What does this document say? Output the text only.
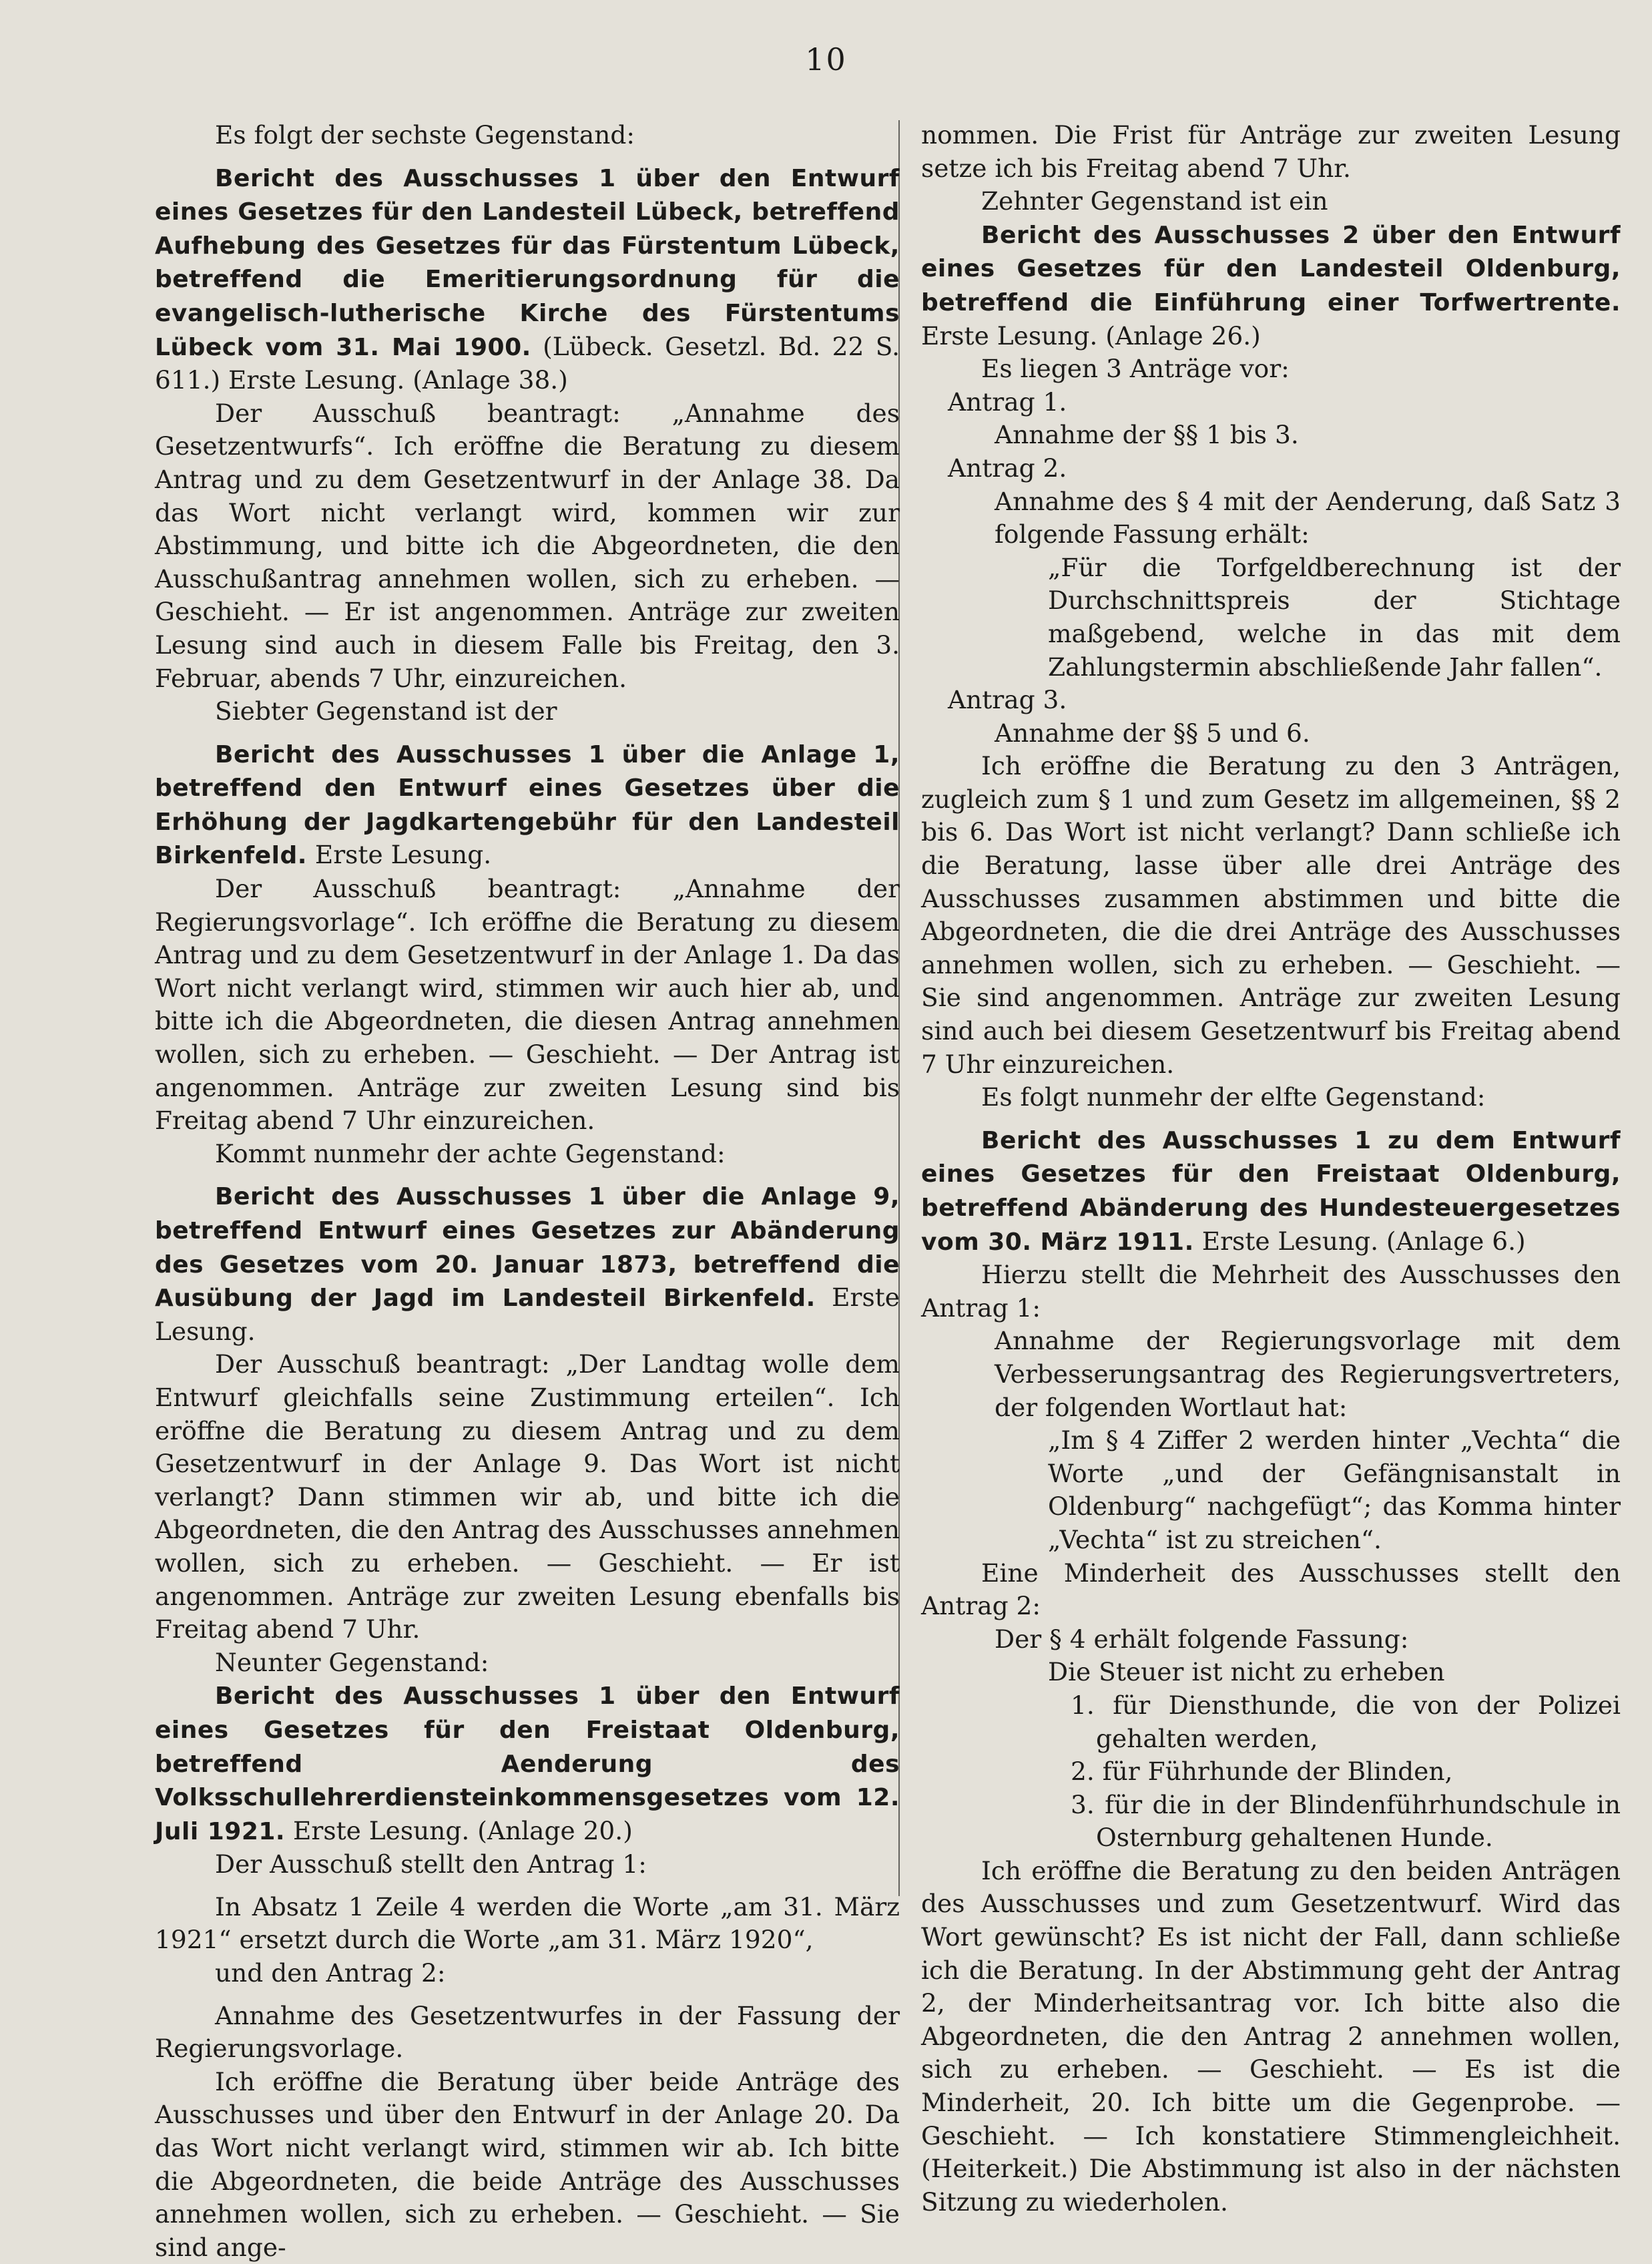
10

Es folgt der sechste Gegenstand:

Bericht des Ausschusses 1 über den Entwurf eines Gesetzes für den Landesteil Lübeck, betreffend Aufhebung des Gesetzes für das Fürstentum Lübeck, betreffend die Emeritierungsordnung für die evangelisch-lutherische Kirche des Fürstentums Lübeck vom 31. Mai 1900. (Lübeck. Gesetzl. Bd. 22 S. 611.) Erste Lesung. (Anlage 38.)

Der Ausschuß beantragt: „Annahme des Gesetzentwurfs“. Ich eröffne die Beratung zu diesem Antrag und zu dem Gesetzentwurf in der Anlage 38. Da das Wort nicht verlangt wird, kommen wir zur Abstimmung, und bitte ich die Abgeordneten, die den Ausschußantrag annehmen wollen, sich zu erheben. — Geschieht. — Er ist angenommen. Anträge zur zweiten Lesung sind auch in diesem Falle bis Freitag, den 3. Februar, abends 7 Uhr, einzureichen.

Siebter Gegenstand ist der

Bericht des Ausschusses 1 über die Anlage 1, betreffend den Entwurf eines Gesetzes über die Erhöhung der Jagdkartengebühr für den Landesteil Birkenfeld. Erste Lesung.

Der Ausschuß beantragt: „Annahme der Regierungsvorlage“. Ich eröffne die Beratung zu diesem Antrag und zu dem Gesetzentwurf in der Anlage 1. Da das Wort nicht verlangt wird, stimmen wir auch hier ab, und bitte ich die Abgeordneten, die diesen Antrag annehmen wollen, sich zu erheben. — Geschieht. — Der Antrag ist angenommen. Anträge zur zweiten Lesung sind bis Freitag abend 7 Uhr einzureichen.

Kommt nunmehr der achte Gegenstand:

Bericht des Ausschusses 1 über die Anlage 9, betreffend Entwurf eines Gesetzes zur Abänderung des Gesetzes vom 20. Januar 1873, betreffend die Ausübung der Jagd im Landesteil Birkenfeld. Erste Lesung.

Der Ausschuß beantragt: „Der Landtag wolle dem Entwurf gleichfalls seine Zustimmung erteilen“. Ich eröffne die Beratung zu diesem Antrag und zu dem Gesetzentwurf in der Anlage 9. Das Wort ist nicht verlangt? Dann stimmen wir ab, und bitte ich die Abgeordneten, die den Antrag des Ausschusses annehmen wollen, sich zu erheben. — Geschieht. — Er ist angenommen. Anträge zur zweiten Lesung ebenfalls bis Freitag abend 7 Uhr.

Neunter Gegenstand:

Bericht des Ausschusses 1 über den Entwurf eines Gesetzes für den Freistaat Oldenburg, betreffend Aenderung des Volksschullehrerdiensteinkommensgesetzes vom 12. Juli 1921. Erste Lesung. (Anlage 20.)

Der Ausschuß stellt den Antrag 1:

In Absatz 1 Zeile 4 werden die Worte „am 31. März 1921“ ersetzt durch die Worte „am 31. März 1920“,

und den Antrag 2:

Annahme des Gesetzentwurfes in der Fassung der Regierungsvorlage.

Ich eröffne die Beratung über beide Anträge des Ausschusses und über den Entwurf in der Anlage 20. Da das Wort nicht verlangt wird, stimmen wir ab. Ich bitte die Abgeordneten, die beide Anträge des Ausschusses annehmen wollen, sich zu erheben. — Geschieht. — Sie sind ange-

nommen. Die Frist für Anträge zur zweiten Lesung setze ich bis Freitag abend 7 Uhr.

Zehnter Gegenstand ist ein

Bericht des Ausschusses 2 über den Entwurf eines Gesetzes für den Landesteil Oldenburg, betreffend die Einführung einer Torfwertrente. Erste Lesung. (Anlage 26.)

Es liegen 3 Anträge vor:

Antrag 1.

Annahme der §§ 1 bis 3.

Antrag 2.

Annahme des § 4 mit der Aenderung, daß Satz 3 folgende Fassung erhält:

„Für die Torfgeldberechnung ist der Durchschnittspreis der Stichtage maßgebend, welche in das mit dem Zahlungstermin abschließende Jahr fallen“.

Antrag 3.

Annahme der §§ 5 und 6.

Ich eröffne die Beratung zu den 3 Anträgen, zugleich zum § 1 und zum Gesetz im allgemeinen, §§ 2 bis 6. Das Wort ist nicht verlangt? Dann schließe ich die Beratung, lasse über alle drei Anträge des Ausschusses zusammen abstimmen und bitte die Abgeordneten, die die drei Anträge des Ausschusses annehmen wollen, sich zu erheben. — Geschieht. — Sie sind angenommen. Anträge zur zweiten Lesung sind auch bei diesem Gesetzentwurf bis Freitag abend 7 Uhr einzureichen.

Es folgt nunmehr der elfte Gegenstand:

Bericht des Ausschusses 1 zu dem Entwurf eines Gesetzes für den Freistaat Oldenburg, betreffend Abänderung des Hundesteuergesetzes vom 30. März 1911. Erste Lesung. (Anlage 6.)

Hierzu stellt die Mehrheit des Ausschusses den Antrag 1:

Annahme der Regierungsvorlage mit dem Verbesserungsantrag des Regierungsvertreters, der folgenden Wortlaut hat:

„Im § 4 Ziffer 2 werden hinter „Vechta“ die Worte „und der Gefängnisanstalt in Oldenburg“ nachgefügt“; das Komma hinter „Vechta“ ist zu streichen“.

Eine Minderheit des Ausschusses stellt den Antrag 2:

Der § 4 erhält folgende Fassung:

Die Steuer ist nicht zu erheben

1. für Diensthunde, die von der Polizei gehalten werden,

2. für Führhunde der Blinden,

3. für die in der Blindenführhundschule in Osternburg gehaltenen Hunde.

Ich eröffne die Beratung zu den beiden Anträgen des Ausschusses und zum Gesetzentwurf. Wird das Wort gewünscht? Es ist nicht der Fall, dann schließe ich die Beratung. In der Abstimmung geht der Antrag 2, der Minderheitsantrag vor. Ich bitte also die Abgeordneten, die den Antrag 2 annehmen wollen, sich zu erheben. — Geschieht. — Es ist die Minderheit, 20. Ich bitte um die Gegenprobe. — Geschieht. — Ich konstatiere Stimmengleichheit. (Heiterkeit.) Die Abstimmung ist also in der nächsten Sitzung zu wiederholen.
